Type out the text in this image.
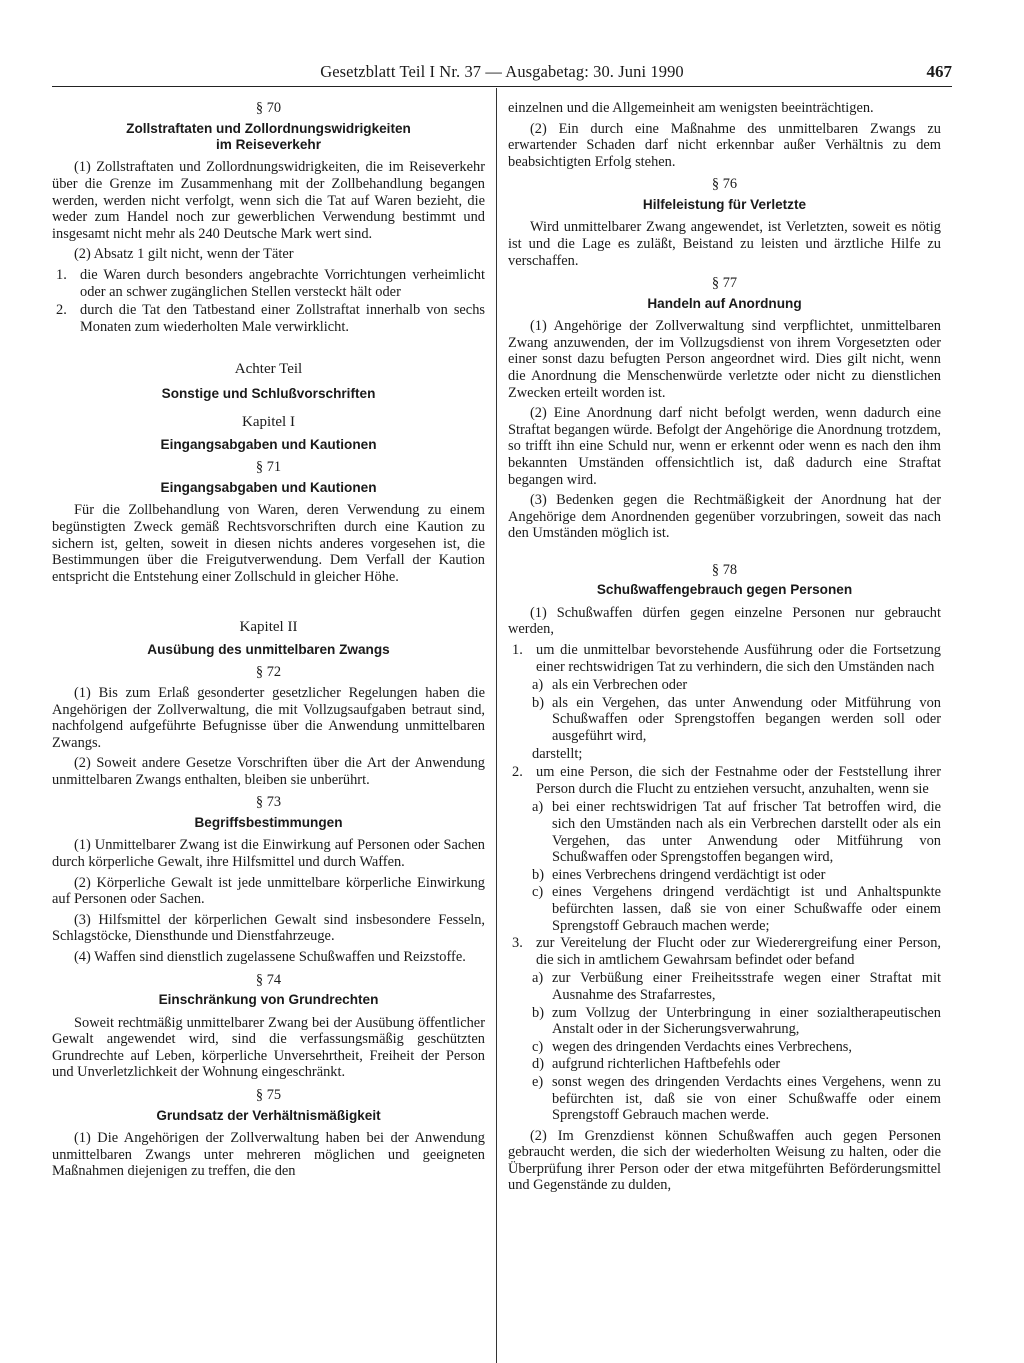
Gesetzblatt Teil I Nr. 37 — Ausgabetag: 30. Juni 1990	467
§ 70
Zollstraftaten und Zollordnungswidrigkeiten
im Reiseverkehr

(1) Zollstraftaten und Zollordnungswidrigkeiten, die im Reiseverkehr über die Grenze im Zusammenhang mit der Zollbehandlung begangen werden, werden nicht verfolgt, wenn sich die Tat auf Waren bezieht, die weder zum Handel noch zur gewerblichen Verwendung bestimmt und insgesamt nicht mehr als 240 Deutsche Mark wert sind.

(2) Absatz 1 gilt nicht, wenn der Täter

1. die Waren durch besonders angebrachte Vorrichtungen verheimlicht oder an schwer zugänglichen Stellen versteckt hält oder
2. durch die Tat den Tatbestand einer Zollstraftat innerhalb von sechs Monaten zum wiederholten Male verwirklicht.
Achter Teil
Sonstige und Schlußvorschriften
Kapitel I
Eingangsabgaben und Kautionen
§ 71
Eingangsabgaben und Kautionen

Für die Zollbehandlung von Waren, deren Verwendung zu einem begünstigten Zweck gemäß Rechtsvorschriften durch eine Kaution zu sichern ist, gelten, soweit in diesen nichts anderes vorgesehen ist, die Bestimmungen über die Freigutverwendung. Dem Verfall der Kaution entspricht die Entstehung einer Zollschuld in gleicher Höhe.

Kapitel II
Ausübung des unmittelbaren Zwangs
§ 72

(1) Bis zum Erlaß gesonderter gesetzlicher Regelungen haben die Angehörigen der Zollverwaltung, die mit Vollzugsaufgaben betraut sind, nachfolgend aufgeführte Befugnisse über die Anwendung unmittelbaren Zwangs.

(2) Soweit andere Gesetze Vorschriften über die Art der Anwendung unmittelbaren Zwangs enthalten, bleiben sie unberührt.

§ 73
Begriffsbestimmungen

(1) Unmittelbarer Zwang ist die Einwirkung auf Personen oder Sachen durch körperliche Gewalt, ihre Hilfsmittel und durch Waffen.

(2) Körperliche Gewalt ist jede unmittelbare körperliche Einwirkung auf Personen oder Sachen.

(3) Hilfsmittel der körperlichen Gewalt sind insbesondere Fesseln, Schlagstöcke, Diensthunde und Dienstfahrzeuge.

(4) Waffen sind dienstlich zugelassene Schußwaffen und Reizstoffe.

§ 74
Einschränkung von Grundrechten

Soweit rechtmäßig unmittelbarer Zwang bei der Ausübung öffentlicher Gewalt angewendet wird, sind die verfassungsmäßig geschützten Grundrechte auf Leben, körperliche Unversehrtheit, Freiheit der Person und Unverletzlichkeit der Wohnung eingeschränkt.

§ 75
Grundsatz der Verhältnismäßigkeit

(1) Die Angehörigen der Zollverwaltung haben bei der Anwendung unmittelbaren Zwangs unter mehreren möglichen und geeigneten Maßnahmen diejenigen zu treffen, die den

einzelnen und die Allgemeinheit am wenigsten beeinträchtigen.

(2) Ein durch eine Maßnahme des unmittelbaren Zwangs zu erwartender Schaden darf nicht erkennbar außer Verhältnis zu dem beabsichtigten Erfolg stehen.

§ 76
Hilfeleistung für Verletzte

Wird unmittelbarer Zwang angewendet, ist Verletzten, soweit es nötig ist und die Lage es zuläßt, Beistand zu leisten und ärztliche Hilfe zu verschaffen.

§ 77
Handeln auf Anordnung

(1) Angehörige der Zollverwaltung sind verpflichtet, unmittelbaren Zwang anzuwenden, der im Vollzugsdienst von ihrem Vorgesetzten oder einer sonst dazu befugten Person angeordnet wird. Dies gilt nicht, wenn die Anordnung die Menschenwürde verletzte oder nicht zu dienstlichen Zwecken erteilt worden ist.

(2) Eine Anordnung darf nicht befolgt werden, wenn dadurch eine Straftat begangen würde. Befolgt der Angehörige die Anordnung trotzdem, so trifft ihn eine Schuld nur, wenn er erkennt oder wenn es nach den ihm bekannten Umständen offensichtlich ist, daß dadurch eine Straftat begangen wird.

(3) Bedenken gegen die Rechtmäßigkeit der Anordnung hat der Angehörige dem Anordnenden gegenüber vorzubringen, soweit das nach den Umständen möglich ist.

§ 78
Schußwaffengebrauch gegen Personen

(1) Schußwaffen dürfen gegen einzelne Personen nur gebraucht werden,

1. um die unmittelbar bevorstehende Ausführung oder die Fortsetzung einer rechtswidrigen Tat zu verhindern, die sich den Umständen nach
a) als ein Verbrechen oder
b) als ein Vergehen, das unter Anwendung oder Mitführung von Schußwaffen oder Sprengstoffen begangen werden soll oder ausgeführt wird,
darstellt;
2. um eine Person, die sich der Festnahme oder der Feststellung ihrer Person durch die Flucht zu entziehen versucht, anzuhalten, wenn sie
a) bei einer rechtswidrigen Tat auf frischer Tat betroffen wird, die sich den Umständen nach als ein Verbrechen darstellt oder als ein Vergehen, das unter Anwendung oder Mitführung von Schußwaffen oder Sprengstoffen begangen wird,
b) eines Verbrechens dringend verdächtigt ist oder
c) eines Vergehens dringend verdächtigt ist und Anhaltspunkte befürchten lassen, daß sie von einer Schußwaffe oder einem Sprengstoff Gebrauch machen werde;
3. zur Vereitelung der Flucht oder zur Wiederergreifung einer Person, die sich in amtlichem Gewahrsam befindet oder befand
a) zur Verbüßung einer Freiheitsstrafe wegen einer Straftat mit Ausnahme des Strafarrestes,
b) zum Vollzug der Unterbringung in einer sozialtherapeutischen Anstalt oder in der Sicherungsverwahrung,
c) wegen des dringenden Verdachts eines Verbrechens,
d) aufgrund richterlichen Haftbefehls oder
e) sonst wegen des dringenden Verdachts eines Vergehens, wenn zu befürchten ist, daß sie von einer Schußwaffe oder einem Sprengstoff Gebrauch machen werde.

(2) Im Grenzdienst können Schußwaffen auch gegen Personen gebraucht werden, die sich der wiederholten Weisung zu halten, oder die Überprüfung ihrer Person oder der etwa mitgeführten Beförderungsmittel und Gegenstände zu dulden,
